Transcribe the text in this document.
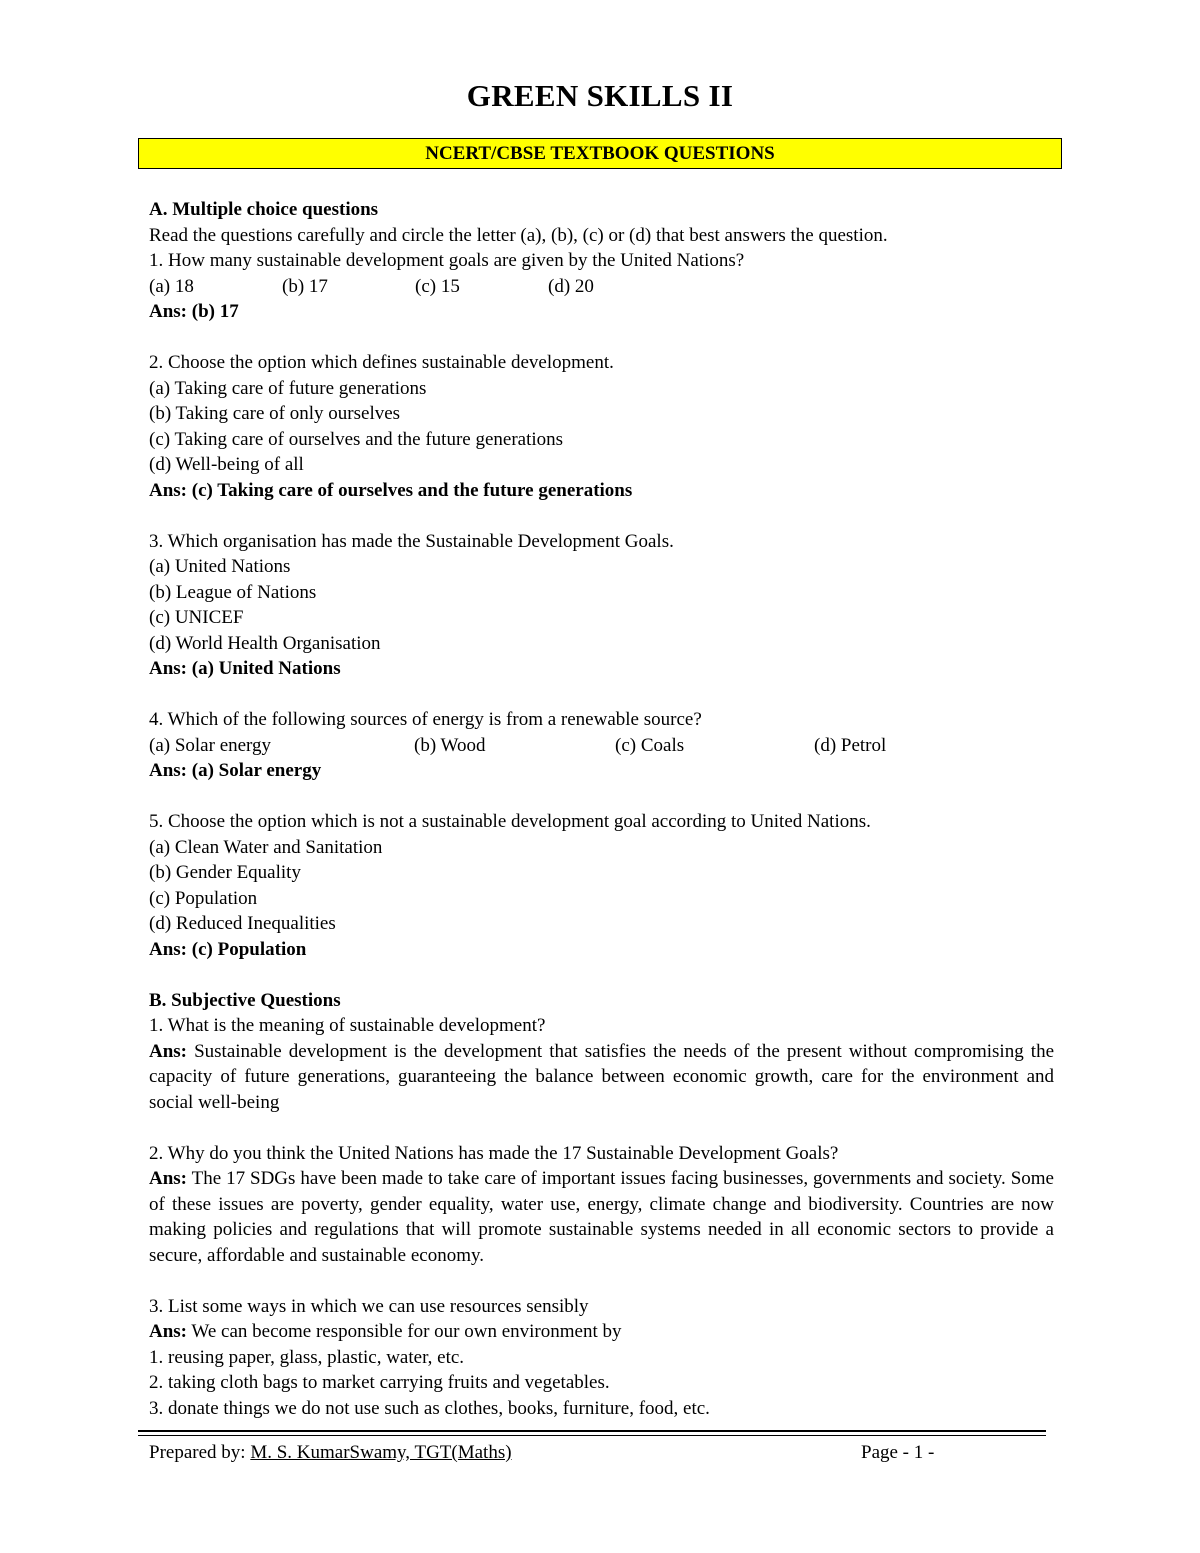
GREEN SKILLS II
NCERT/CBSE TEXTBOOK QUESTIONS

A. Multiple choice questions

Read the questions carefully and circle the letter (a), (b), (c) or (d) that best answers the question.

1. How many sustainable development goals are given by the United Nations?

(a) 18	(b) 17	(c) 15	(d) 20

Ans: (b) 17

2. Choose the option which defines sustainable development.

(a) Taking care of future generations

(b) Taking care of only ourselves

(c) Taking care of ourselves and the future generations

(d) Well-being of all

Ans: (c) Taking care of ourselves and the future generations

3. Which organisation has made the Sustainable Development Goals.

(a) United Nations

(b) League of Nations

(c) UNICEF

(d) World Health Organisation

Ans: (a) United Nations

4. Which of the following sources of energy is from a renewable source?

(a) Solar energy	(b) Wood	(c) Coals	(d) Petrol

Ans: (a) Solar energy

5. Choose the option which is not a sustainable development goal according to United Nations.

(a) Clean Water and Sanitation

(b) Gender Equality

(c) Population

(d) Reduced Inequalities

Ans: (c) Population

B. Subjective Questions

1. What is the meaning of sustainable development?

Ans: Sustainable development is the development that satisfies the needs of the present without compromising the capacity of future generations, guaranteeing the balance between economic growth, care for the environment and social well-being

2. Why do you think the United Nations has made the 17 Sustainable Development Goals?

Ans: The 17 SDGs have been made to take care of important issues facing businesses, governments and society. Some of these issues are poverty, gender equality, water use, energy, climate change and biodiversity. Countries are now making policies and regulations that will promote sustainable systems needed in all economic sectors to provide a secure, affordable and sustainable economy.

3. List some ways in which we can use resources sensibly

Ans: We can become responsible for our own environment by

1. reusing paper, glass, plastic, water, etc.

2. taking cloth bags to market carrying fruits and vegetables.

3. donate things we do not use such as clothes, books, furniture, food, etc.

Prepared by: M. S. KumarSwamy, TGT(Maths)	Page - 1 -
